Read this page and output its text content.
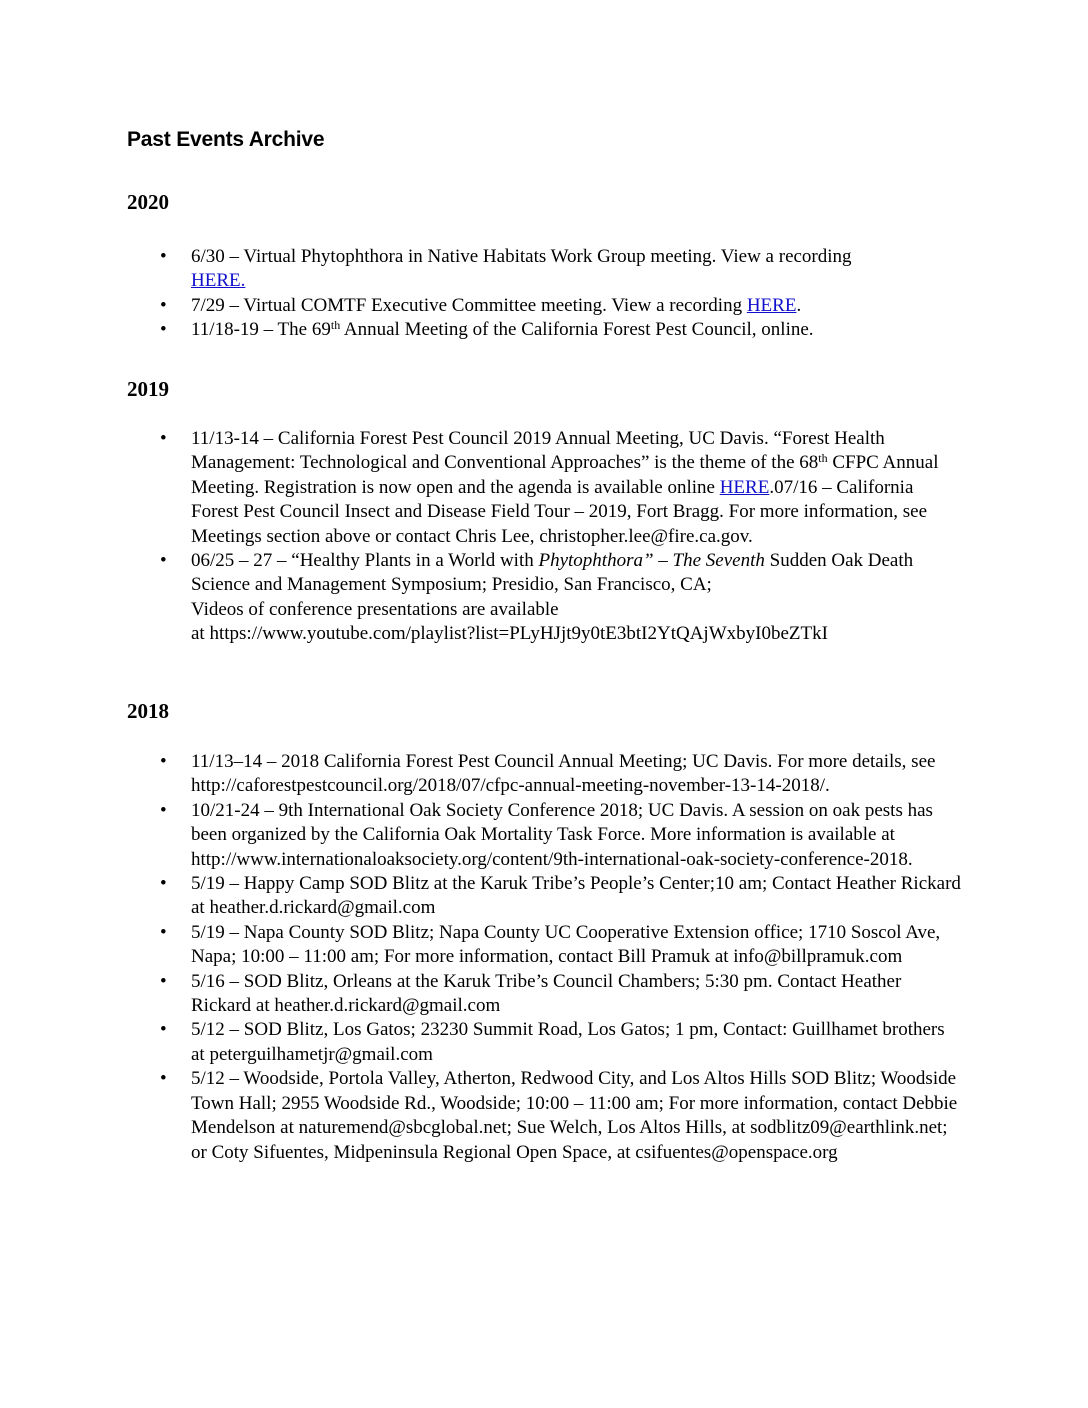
Past Events Archive
2020
• 6/30 – Virtual Phytophthora in Native Habitats Work Group meeting. View a recording HERE.
• 7/29 – Virtual COMTF Executive Committee meeting. View a recording HERE.
• 11/18-19 – The 69th Annual Meeting of the California Forest Pest Council, online.
2019
• 11/13-14 – California Forest Pest Council 2019 Annual Meeting, UC Davis. “Forest Health Management: Technological and Conventional Approaches” is the theme of the 68th CFPC Annual Meeting. Registration is now open and the agenda is available online HERE.07/16 – California Forest Pest Council Insect and Disease Field Tour – 2019, Fort Bragg. For more information, see Meetings section above or contact Chris Lee, christopher.lee@fire.ca.gov.
• 06/25 – 27 – “Healthy Plants in a World with Phytophthora” – The Seventh Sudden Oak Death Science and Management Symposium; Presidio, San Francisco, CA;
Videos of conference presentations are available
at https://www.youtube.com/playlist?list=PLyHJjt9y0tE3btI2YtQAjWxbyI0beZTkI
2018
• 11/13–14 – 2018 California Forest Pest Council Annual Meeting; UC Davis. For more details, see http://caforestpestcouncil.org/2018/07/cfpc-annual-meeting-november-13-14-2018/.
• 10/21-24 – 9th International Oak Society Conference 2018; UC Davis. A session on oak pests has been organized by the California Oak Mortality Task Force. More information is available at http://www.internationaloaksociety.org/content/9th-international-oak-society-conference-2018.
• 5/19 – Happy Camp SOD Blitz at the Karuk Tribe’s People’s Center;10 am; Contact Heather Rickard at heather.d.rickard@gmail.com
• 5/19 – Napa County SOD Blitz; Napa County UC Cooperative Extension office; 1710 Soscol Ave, Napa; 10:00 – 11:00 am; For more information, contact Bill Pramuk at info@billpramuk.com
• 5/16 – SOD Blitz, Orleans at the Karuk Tribe’s Council Chambers; 5:30 pm. Contact Heather Rickard at heather.d.rickard@gmail.com
• 5/12 – SOD Blitz, Los Gatos; 23230 Summit Road, Los Gatos; 1 pm, Contact: Guillhamet brothers at peterguilhametjr@gmail.com
• 5/12 – Woodside, Portola Valley, Atherton, Redwood City, and Los Altos Hills SOD Blitz; Woodside Town Hall; 2955 Woodside Rd., Woodside; 10:00 – 11:00 am; For more information, contact Debbie Mendelson at naturemend@sbcglobal.net; Sue Welch, Los Altos Hills, at sodblitz09@earthlink.net; or Coty Sifuentes, Midpeninsula Regional Open Space, at csifuentes@openspace.org
